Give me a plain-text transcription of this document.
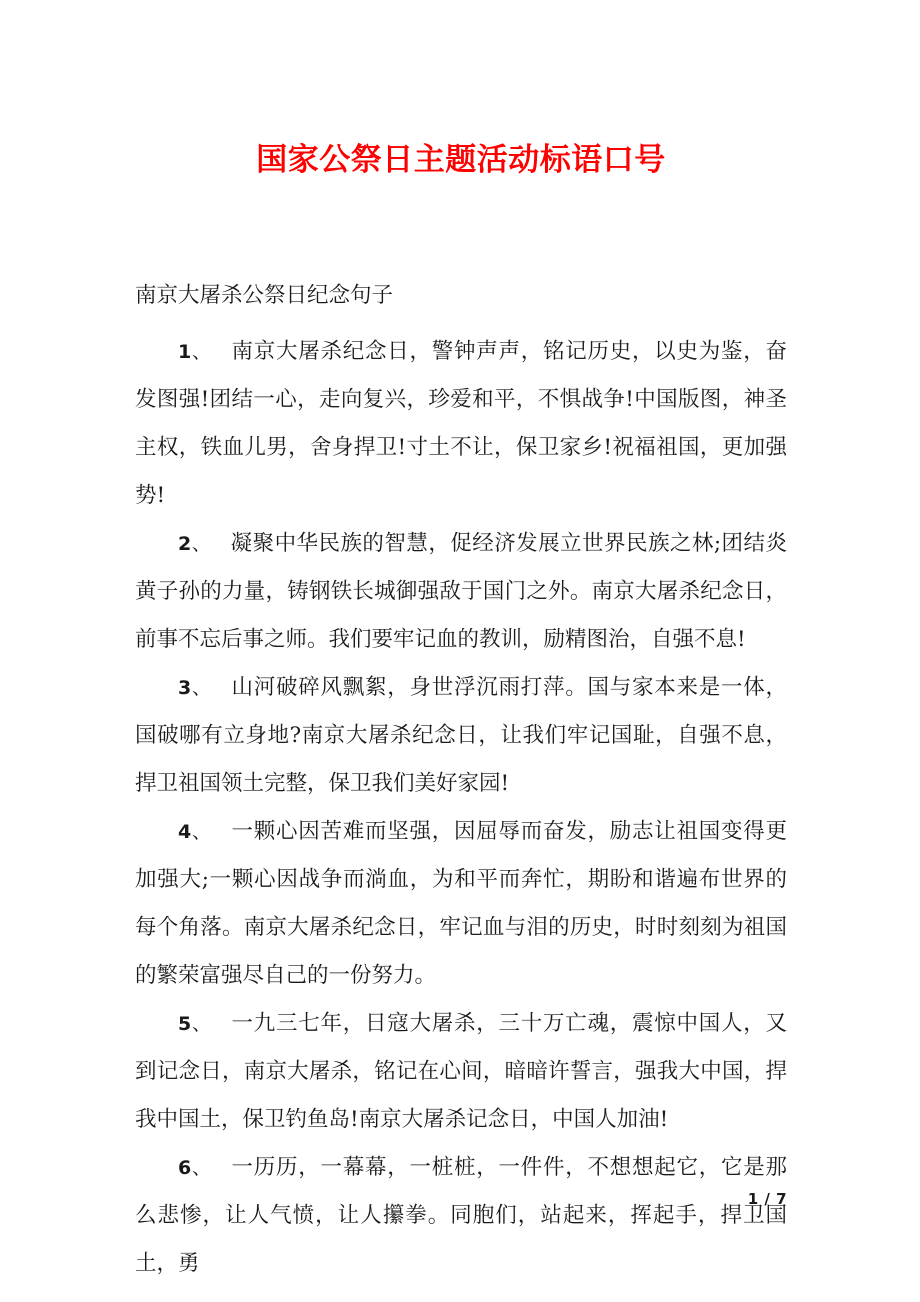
国家公祭日主题活动标语口号

南京大屠杀公祭日纪念句子

1、 南京大屠杀纪念日，警钟声声，铭记历史，以史为鉴，奋发图强!团结一心，走向复兴，珍爱和平，不惧战争!中国版图，神圣主权，铁血儿男，舍身捍卫!寸土不让，保卫家乡!祝福祖国，更加强势!

2、 凝聚中华民族的智慧，促经济发展立世界民族之林;团结炎黄子孙的力量，铸钢铁长城御强敌于国门之外。南京大屠杀纪念日，前事不忘后事之师。我们要牢记血的教训，励精图治，自强不息!

3、 山河破碎风飘絮，身世浮沉雨打萍。国与家本来是一体，国破哪有立身地?南京大屠杀纪念日，让我们牢记国耻，自强不息，捍卫祖国领土完整，保卫我们美好家园!

4、 一颗心因苦难而坚强，因屈辱而奋发，励志让祖国变得更加强大;一颗心因战争而淌血，为和平而奔忙，期盼和谐遍布世界的每个角落。南京大屠杀纪念日，牢记血与泪的历史，时时刻刻为祖国的繁荣富强尽自己的一份努力。

5、 一九三七年，日寇大屠杀，三十万亡魂，震惊中国人，又到记念日，南京大屠杀，铭记在心间，暗暗许誓言，强我大中国，捍我中国土，保卫钓鱼岛!南京大屠杀记念日，中国人加油!

6、 一历历，一幕幕，一桩桩，一件件，不想想起它，它是那么悲惨，让人气愤，让人攥拳。同胞们，站起来，挥起手，捍卫国土，勇

1 / 7
